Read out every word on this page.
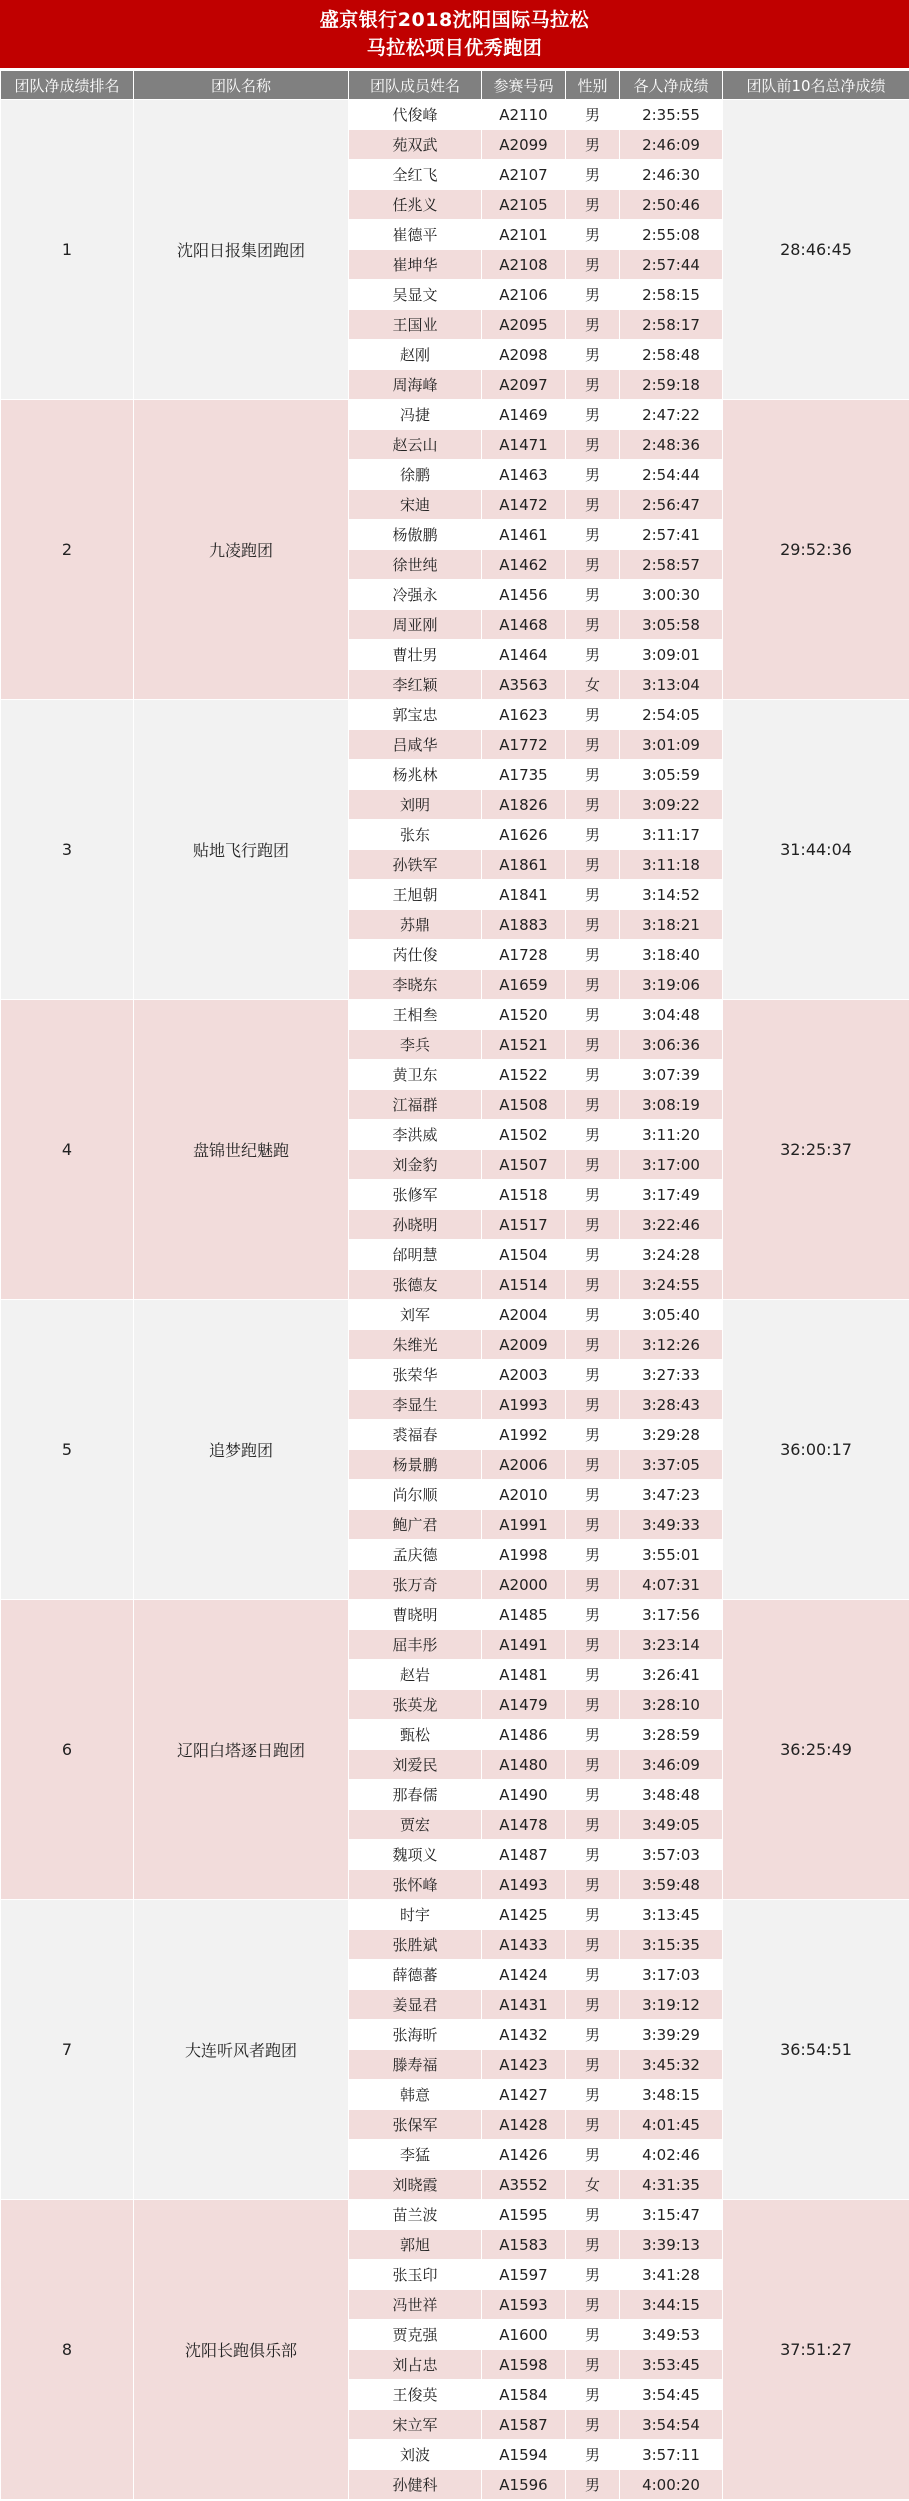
盛京银行2018沈阳国际马拉松
马拉松项目优秀跑团
团队净成绩排名	团队名称	团队成员姓名	参赛号码	性别	各人净成绩	团队前10名总净成绩
1	沈阳日报集团跑团	代俊峰	A2110	男	2:35:55	28:46:45
		苑双武	A2099	男	2:46:09	
		全红飞	A2107	男	2:46:30	
		任兆义	A2105	男	2:50:46	
		崔德平	A2101	男	2:55:08	
		崔坤华	A2108	男	2:57:44	
		吴显文	A2106	男	2:58:15	
		王国业	A2095	男	2:58:17	
		赵刚	A2098	男	2:58:48	
		周海峰	A2097	男	2:59:18	
2	九凌跑团	冯捷	A1469	男	2:47:22	29:52:36
		赵云山	A1471	男	2:48:36	
		徐鹏	A1463	男	2:54:44	
		宋迪	A1472	男	2:56:47	
		杨傲鹏	A1461	男	2:57:41	
		徐世纯	A1462	男	2:58:57	
		冷强永	A1456	男	3:00:30	
		周亚刚	A1468	男	3:05:58	
		曹壮男	A1464	男	3:09:01	
		李红颖	A3563	女	3:13:04	
3	贴地飞行跑团	郭宝忠	A1623	男	2:54:05	31:44:04
		吕咸华	A1772	男	3:01:09	
		杨兆林	A1735	男	3:05:59	
		刘明	A1826	男	3:09:22	
		张东	A1626	男	3:11:17	
		孙铁军	A1861	男	3:11:18	
		王旭朝	A1841	男	3:14:52	
		苏鼎	A1883	男	3:18:21	
		芮仕俊	A1728	男	3:18:40	
		李晓东	A1659	男	3:19:06	
4	盘锦世纪魅跑	王相叁	A1520	男	3:04:48	32:25:37
		李兵	A1521	男	3:06:36	
		黄卫东	A1522	男	3:07:39	
		江福群	A1508	男	3:08:19	
		李洪威	A1502	男	3:11:20	
		刘金豹	A1507	男	3:17:00	
		张修军	A1518	男	3:17:49	
		孙晓明	A1517	男	3:22:46	
		邰明慧	A1504	男	3:24:28	
		张德友	A1514	男	3:24:55	
5	追梦跑团	刘军	A2004	男	3:05:40	36:00:17
		朱维光	A2009	男	3:12:26	
		张荣华	A2003	男	3:27:33	
		李显生	A1993	男	3:28:43	
		裘福春	A1992	男	3:29:28	
		杨景鹏	A2006	男	3:37:05	
		尚尔顺	A2010	男	3:47:23	
		鲍广君	A1991	男	3:49:33	
		孟庆德	A1998	男	3:55:01	
		张万奇	A2000	男	4:07:31	
6	辽阳白塔逐日跑团	曹晓明	A1485	男	3:17:56	36:25:49
		屈丰彤	A1491	男	3:23:14	
		赵岩	A1481	男	3:26:41	
		张英龙	A1479	男	3:28:10	
		甄松	A1486	男	3:28:59	
		刘爱民	A1480	男	3:46:09	
		那春儒	A1490	男	3:48:48	
		贾宏	A1478	男	3:49:05	
		魏项义	A1487	男	3:57:03	
		张怀峰	A1493	男	3:59:48	
7	大连听风者跑团	时宇	A1425	男	3:13:45	36:54:51
		张胜斌	A1433	男	3:15:35	
		薛德蕃	A1424	男	3:17:03	
		姜显君	A1431	男	3:19:12	
		张海昕	A1432	男	3:39:29	
		滕寿福	A1423	男	3:45:32	
		韩意	A1427	男	3:48:15	
		张保军	A1428	男	4:01:45	
		李猛	A1426	男	4:02:46	
		刘晓霞	A3552	女	4:31:35	
8	沈阳长跑俱乐部	苗兰波	A1595	男	3:15:47	37:51:27
		郭旭	A1583	男	3:39:13	
		张玉印	A1597	男	3:41:28	
		冯世祥	A1593	男	3:44:15	
		贾克强	A1600	男	3:49:53	
		刘占忠	A1598	男	3:53:45	
		王俊英	A1584	男	3:54:45	
		宋立军	A1587	男	3:54:54	
		刘波	A1594	男	3:57:11	
		孙健科	A1596	男	4:00:20	
